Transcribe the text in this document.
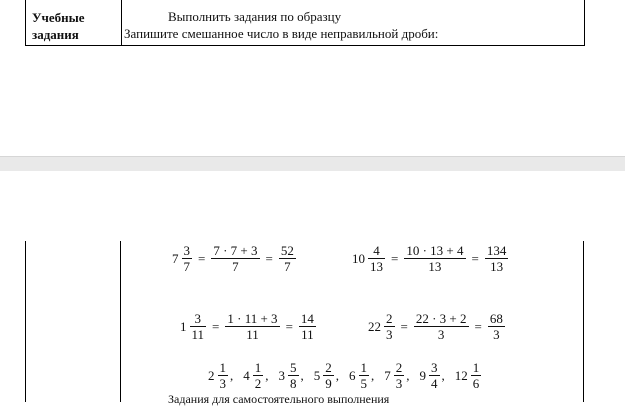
Учебные
задания
Выполнить задания по образцу
Запишите смешанное число в виде неправильной дроби:
$7 \frac{3}{7} = \frac{7 \cdot 7 + 3}{7} = \frac{52}{7}$	$10 \frac{4}{13} = \frac{10 \cdot 13 + 4}{13} = \frac{134}{13}$
$1 \frac{3}{11} = \frac{1 \cdot 11 + 3}{11} = \frac{14}{11}$	$22 \frac{2}{3} = \frac{22 \cdot 3 + 2}{3} = \frac{68}{3}$
$2 \frac{1}{3}$ , $4 \frac{1}{2}$ , $3 \frac{5}{8}$ , $5 \frac{2}{9}$ , $6 \frac{1}{5}$ , $7 \frac{2}{3}$ , $9 \frac{3}{4}$ , $12 \frac{1}{6}$
Задания для самостоятельного выполнения
